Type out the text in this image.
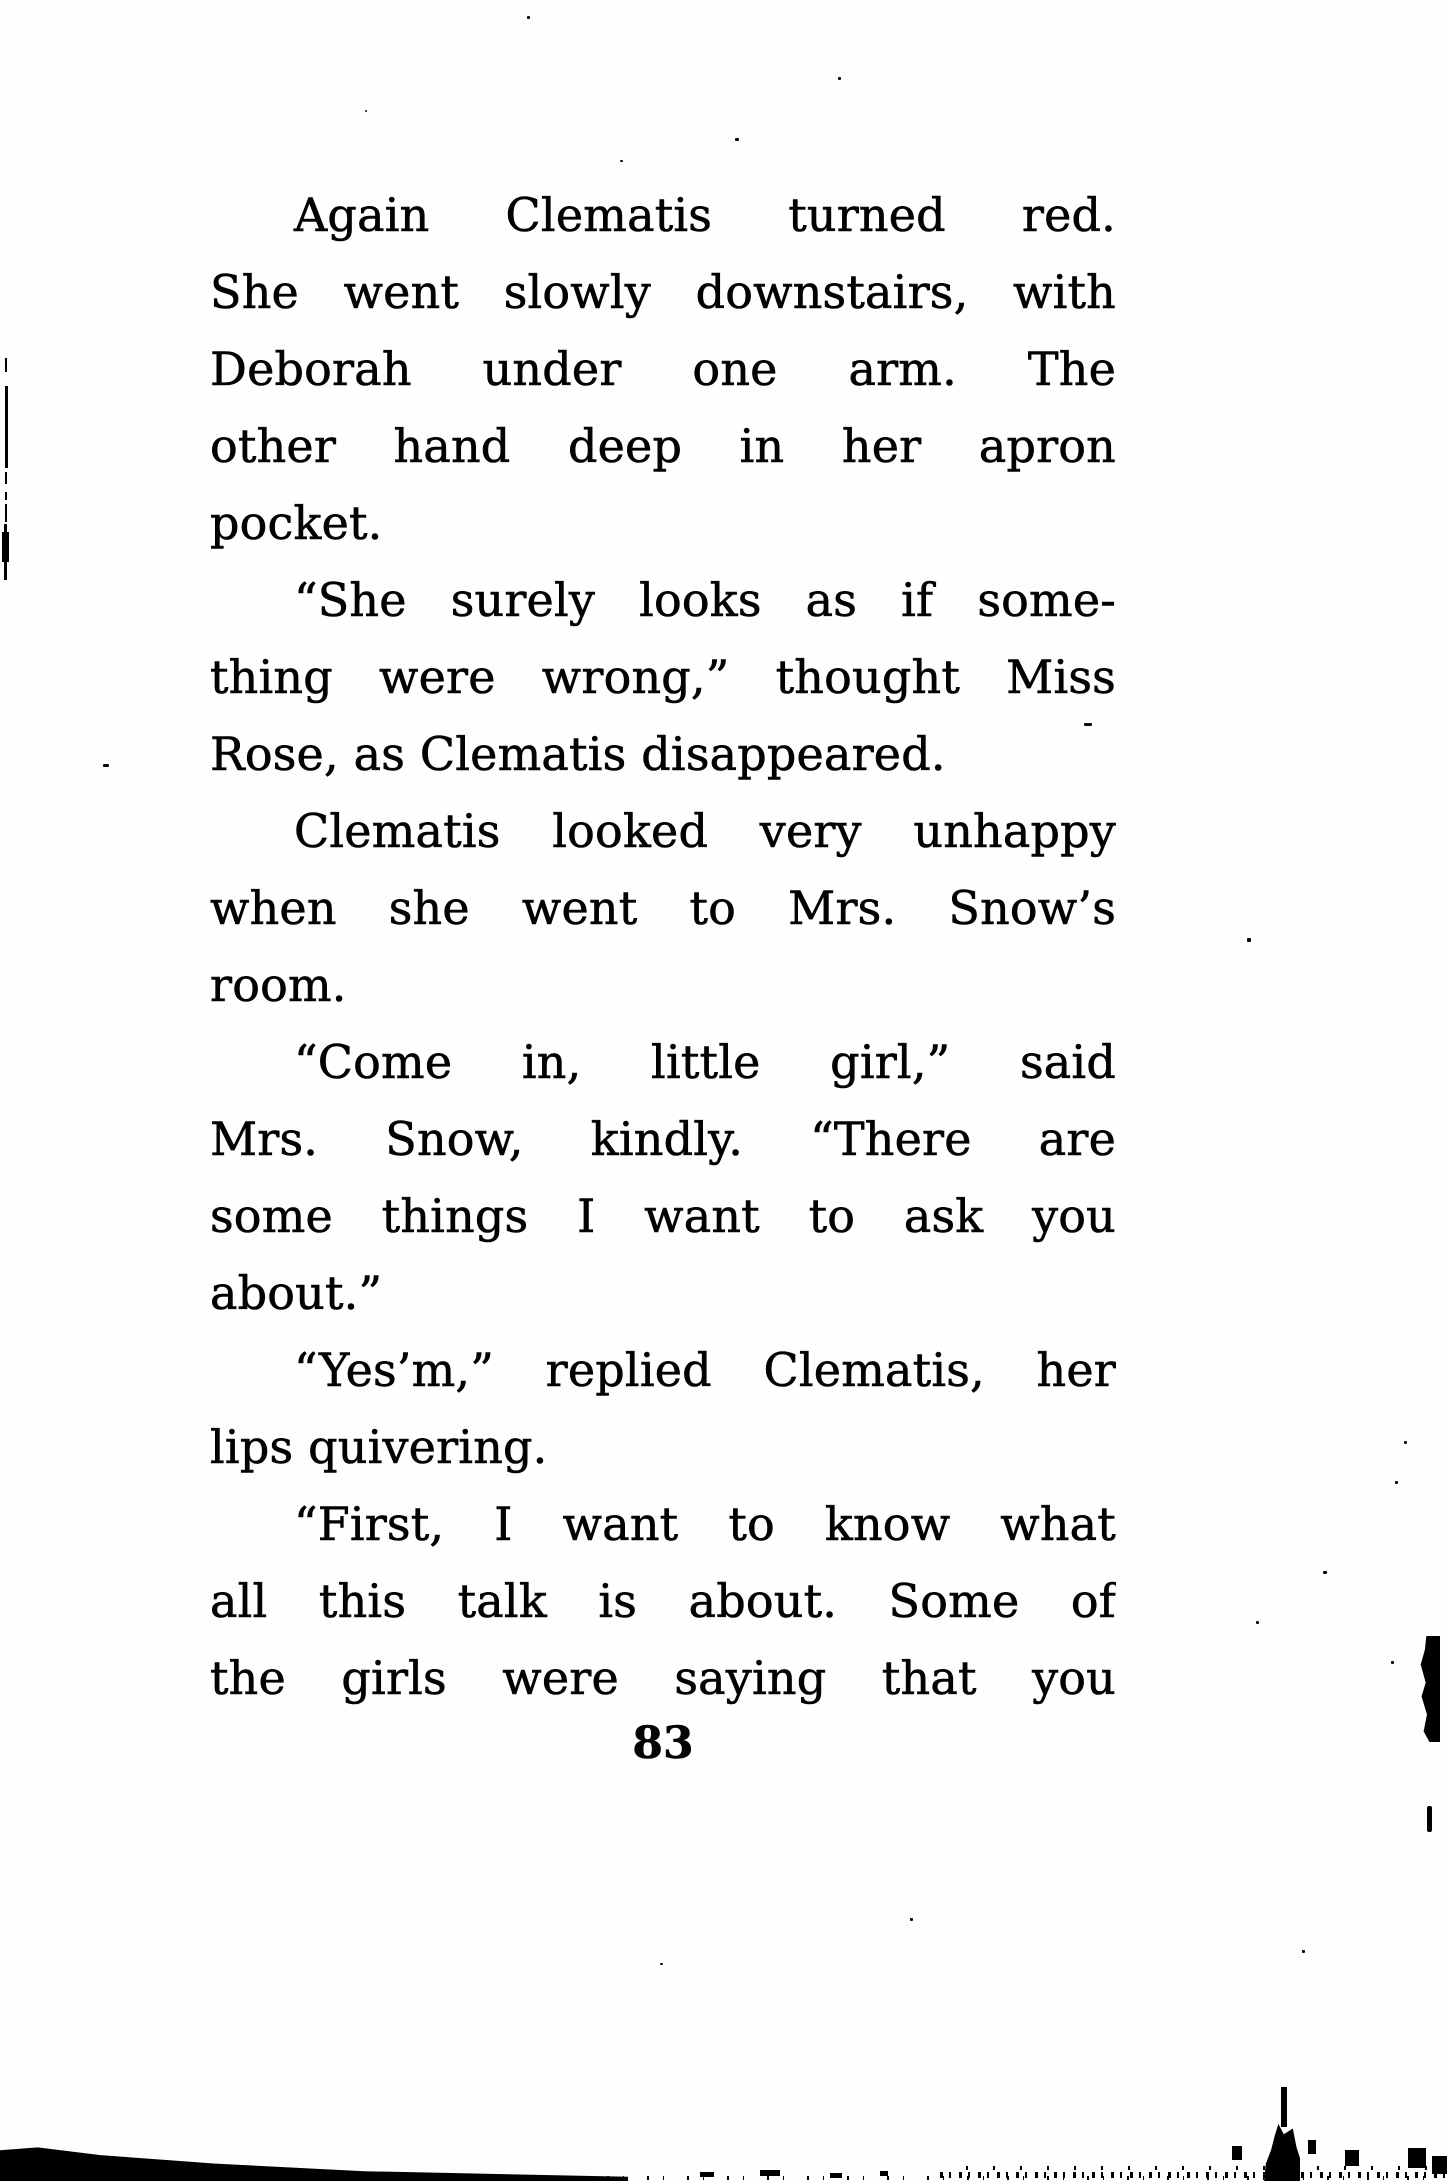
Again Clematis turned red.
She went slowly downstairs, with
Deborah under one arm. The
other hand deep in her apron
pocket.
“She surely looks as if some-
thing were wrong,” thought Miss
Rose, as Clematis disappeared.
Clematis looked very unhappy
when she went to Mrs. Snow’s
room.
“Come in, little girl,” said
Mrs. Snow, kindly. “There are
some things I want to ask you
about.”
“Yes’m,” replied Clematis, her
lips quivering.
“First, I want to know what
all this talk is about. Some of
the girls were saying that you
83
